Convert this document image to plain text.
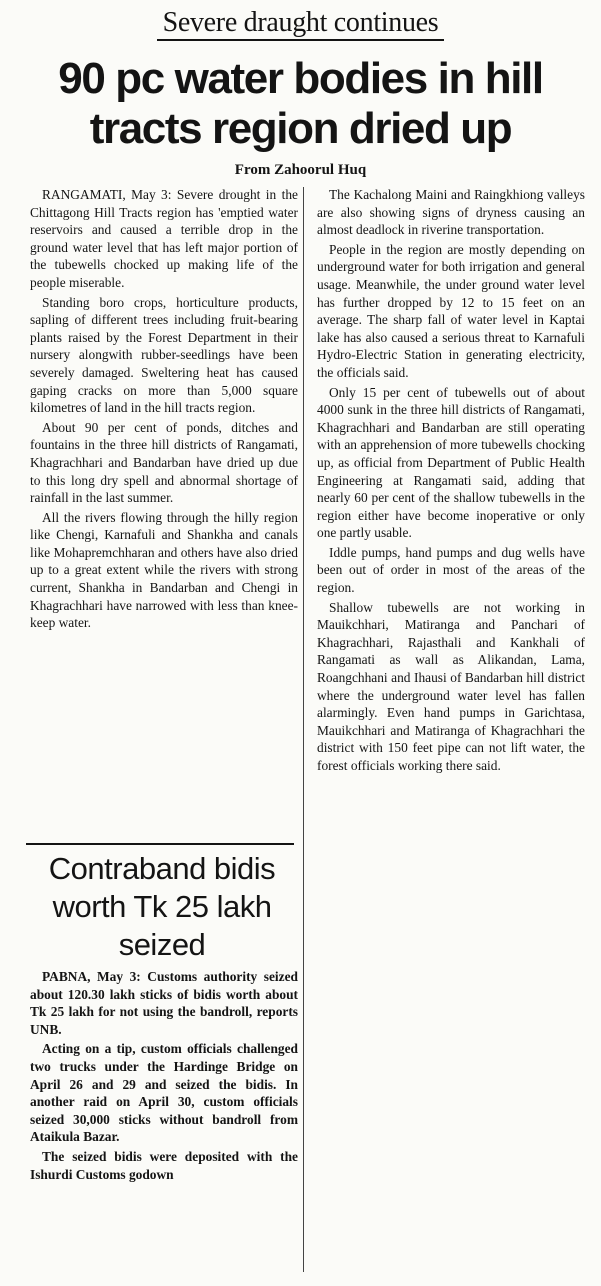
Severe draught continues
90 pc water bodies in hill tracts region dried up
From Zahoorul Huq

RANGAMATI, May 3: Severe drought in the Chittagong Hill Tracts region has 'emptied water reservoirs and caused a terrible drop in the ground water level that has left major portion of the tubewells chocked up making life of the people miserable.

Standing boro crops, horticulture products, sapling of different trees including fruit-bearing plants raised by the Forest Department in their nursery alongwith rubber-seedlings have been severely damaged. Sweltering heat has caused gaping cracks on more than 5,000 square kilometres of land in the hill tracts region.

About 90 per cent of ponds, ditches and fountains in the three hill districts of Rangamati, Khagrachhari and Bandarban have dried up due to this long dry spell and abnormal shortage of rainfall in the last summer.

All the rivers flowing through the hilly region like Chengi, Karnafuli and Shankha and canals like Mohapremchharan and others have also dried up to a great extent while the rivers with strong current, Shankha in Bandarban and Chengi in Khagrachhari have narrowed with less than knee-keep water.

The Kachalong Maini and Raingkhiong valleys are also showing signs of dryness causing an almost deadlock in riverine transportation.

People in the region are mostly depending on underground water for both irrigation and general usage. Meanwhile, the under ground water level has further dropped by 12 to 15 feet on an average. The sharp fall of water level in Kaptai lake has also caused a serious threat to Karnafuli Hydro-Electric Station in generating electricity, the officials said.

Only 15 per cent of tubewells out of about 4000 sunk in the three hill districts of Rangamati, Khagrachhari and Bandarban are still operating with an apprehension of more tubewells chocking up, as official from Department of Public Health Engineering at Rangamati said, adding that nearly 60 per cent of the shallow tubewells in the region either have become inoperative or only one partly usable.

Iddle pumps, hand pumps and dug wells have been out of order in most of the areas of the region.

Shallow tubewells are not working in Mauikchhari, Matiranga and Panchari of Khagrachhari, Rajasthali and Kankhali of Rangamati as wall as Alikandan, Lama, Roangchhani and Ihausi of Bandarban hill district where the underground water level has fallen alarmingly. Even hand pumps in Garichtasa, Mauikchhari and Matiranga of Khagrachhari the district with 150 feet pipe can not lift water, the forest officials working there said.

Contraband bidis worth Tk 25 lakh seized

PABNA, May 3: Customs authority seized about 120.30 lakh sticks of bidis worth about Tk 25 lakh for not using the bandroll, reports UNB.

Acting on a tip, custom officials challenged two trucks under the Hardinge Bridge on April 26 and 29 and seized the bidis. In another raid on April 30, custom officials seized 30,000 sticks without bandroll from Ataikula Bazar.

The seized bidis were deposited with the Ishurdi Customs godown
